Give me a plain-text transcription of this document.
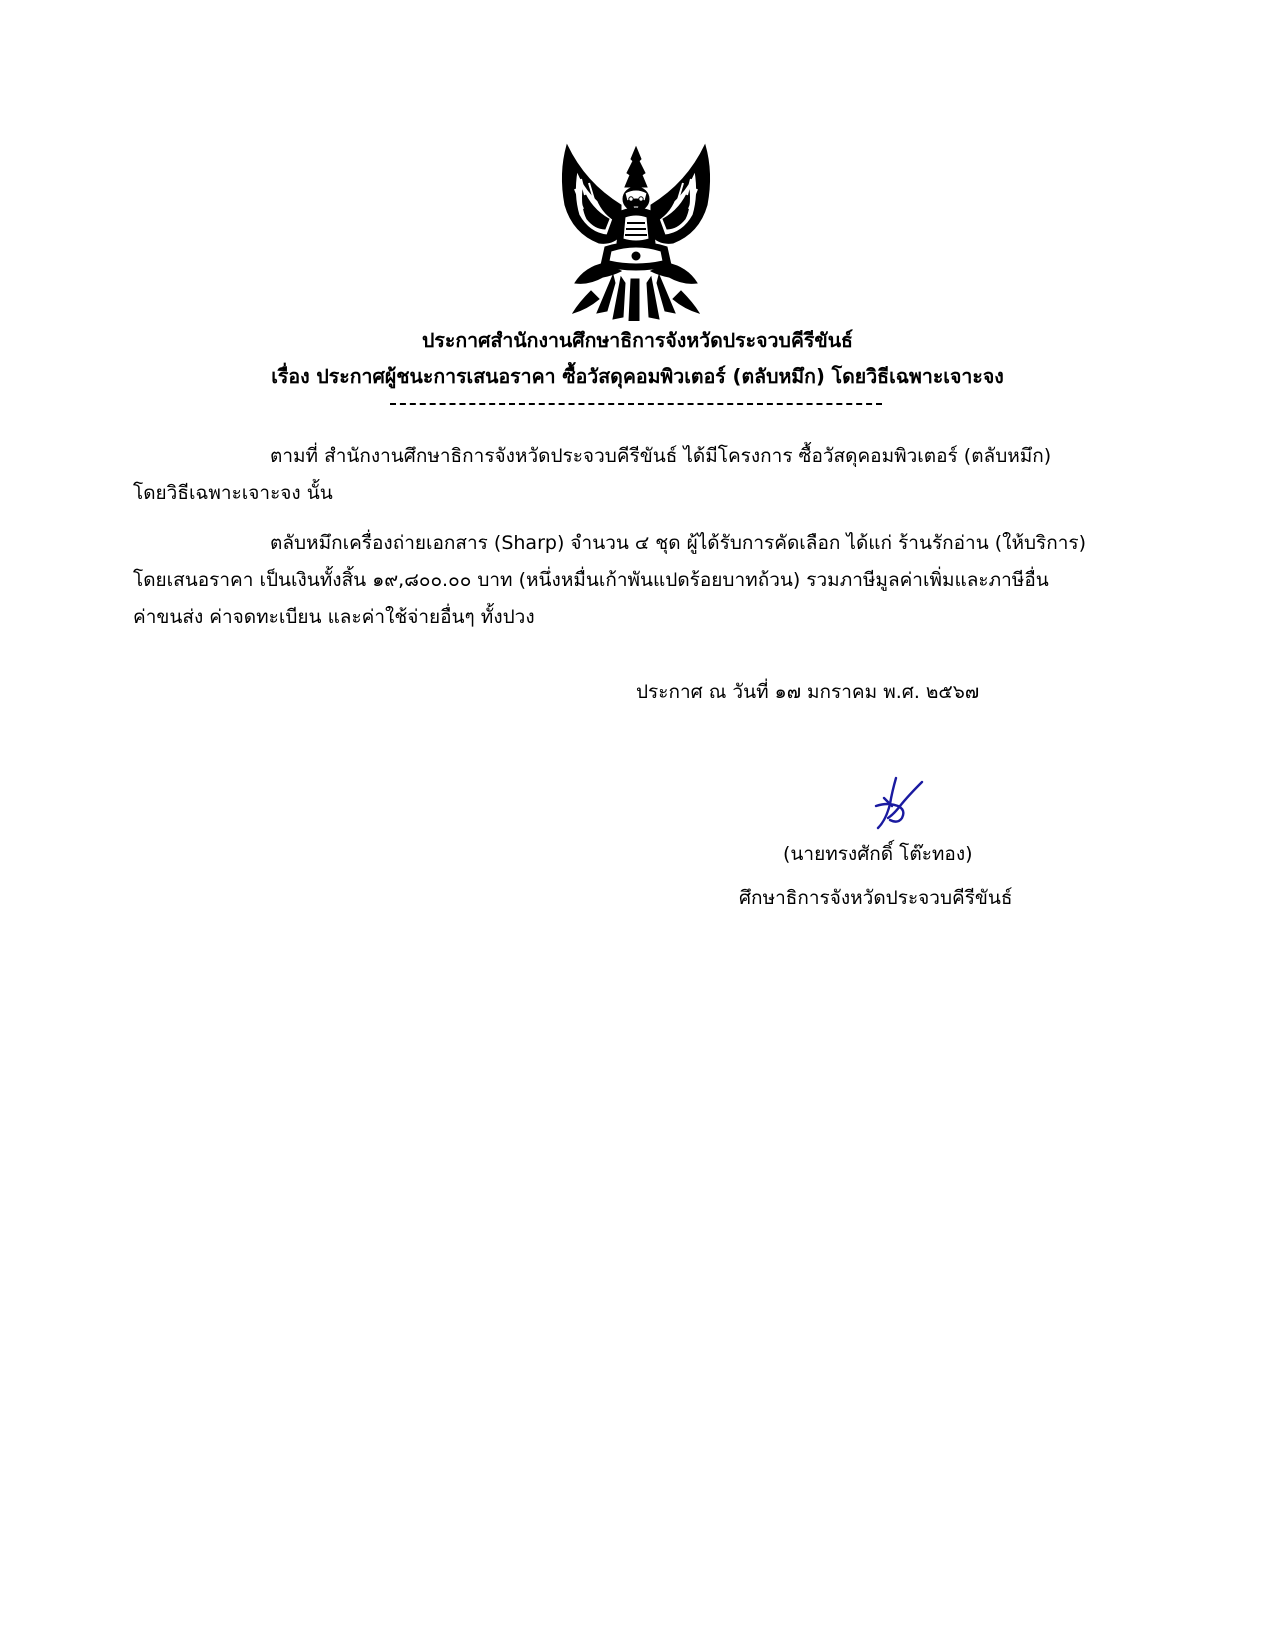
ประกาศสำนักงานศึกษาธิการจังหวัดประจวบคีรีขันธ์
เรื่อง ประกาศผู้ชนะการเสนอราคา ซื้อวัสดุคอมพิวเตอร์ (ตลับหมึก) โดยวิธีเฉพาะเจาะจง
ตามที่ สำนักงานศึกษาธิการจังหวัดประจวบคีรีขันธ์ ได้มีโครงการ ซื้อวัสดุคอมพิวเตอร์ (ตลับหมึก)
โดยวิธีเฉพาะเจาะจง นั้น
ตลับหมึกเครื่องถ่ายเอกสาร (Sharp) จำนวน ๔ ชุด ผู้ได้รับการคัดเลือก ได้แก่ ร้านรักอ่าน (ให้บริการ)
โดยเสนอราคา เป็นเงินทั้งสิ้น ๑๙,๘๐๐.๐๐ บาท (หนึ่งหมื่นเก้าพันแปดร้อยบาทถ้วน) รวมภาษีมูลค่าเพิ่มและภาษีอื่น
ค่าขนส่ง ค่าจดทะเบียน และค่าใช้จ่ายอื่นๆ ทั้งปวง
ประกาศ ณ วันที่ ๑๗ มกราคม พ.ศ. ๒๕๖๗
(นายทรงศักดิ์ โต๊ะทอง)
ศึกษาธิการจังหวัดประจวบคีรีขันธ์
